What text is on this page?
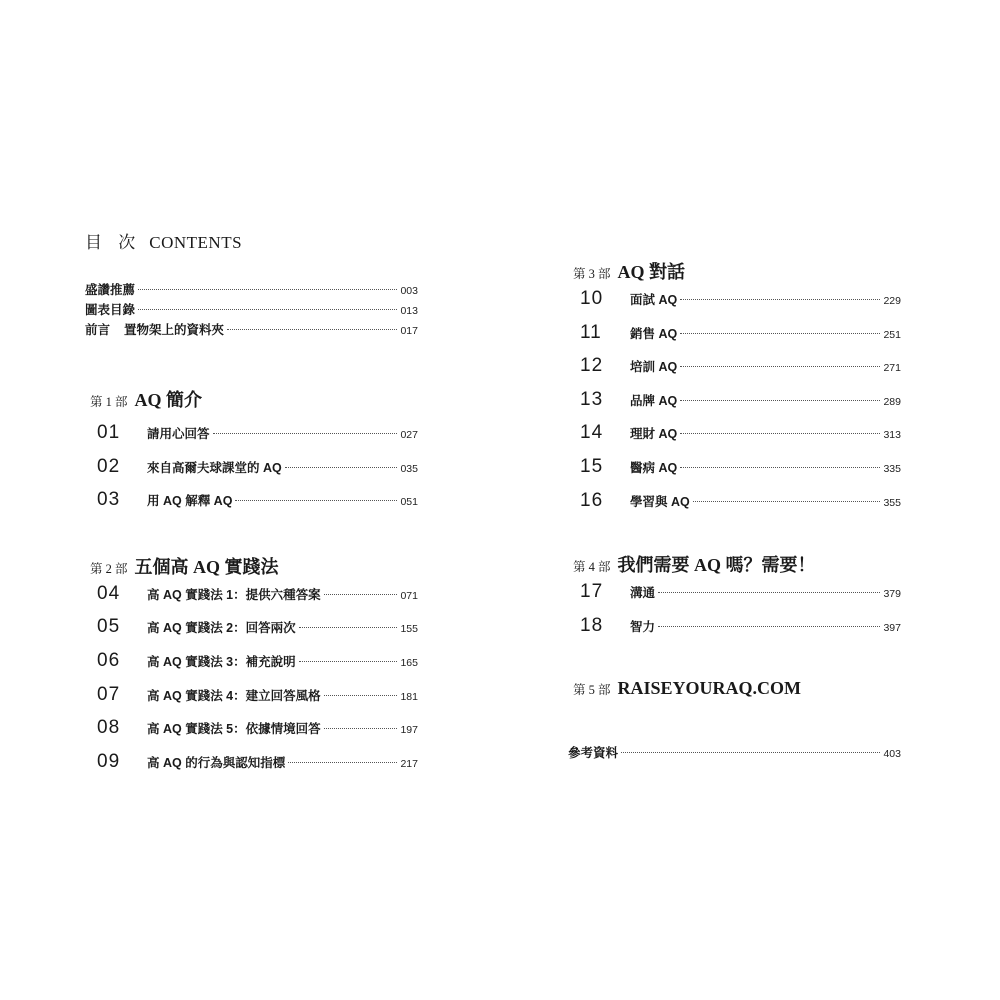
目 次 CONTENTS
盛讚推薦	003
圖表目錄	013
前言 置物架上的資料夾	017
第 1 部 AQ 簡介
01	請用心回答	027
02	來自高爾夫球課堂的 AQ	035
03	用 AQ 解釋 AQ	051
第 2 部 五個高 AQ 實踐法
04	高 AQ 實踐法 1：提供六種答案	071
05	高 AQ 實踐法 2：回答兩次	155
06	高 AQ 實踐法 3：補充說明	165
07	高 AQ 實踐法 4：建立回答風格	181
08	高 AQ 實踐法 5：依據情境回答	197
09	高 AQ 的行為與認知指標	217
第 3 部 AQ 對話
10	面試 AQ	229
11	銷售 AQ	251
12	培訓 AQ	271
13	品牌 AQ	289
14	理財 AQ	313
15	醫病 AQ	335
16	學習與 AQ	355
第 4 部 我們需要 AQ 嗎？需要！
17	溝通	379
18	智力	397
第 5 部 RAISEYOURAQ.COM
參考資料	403
